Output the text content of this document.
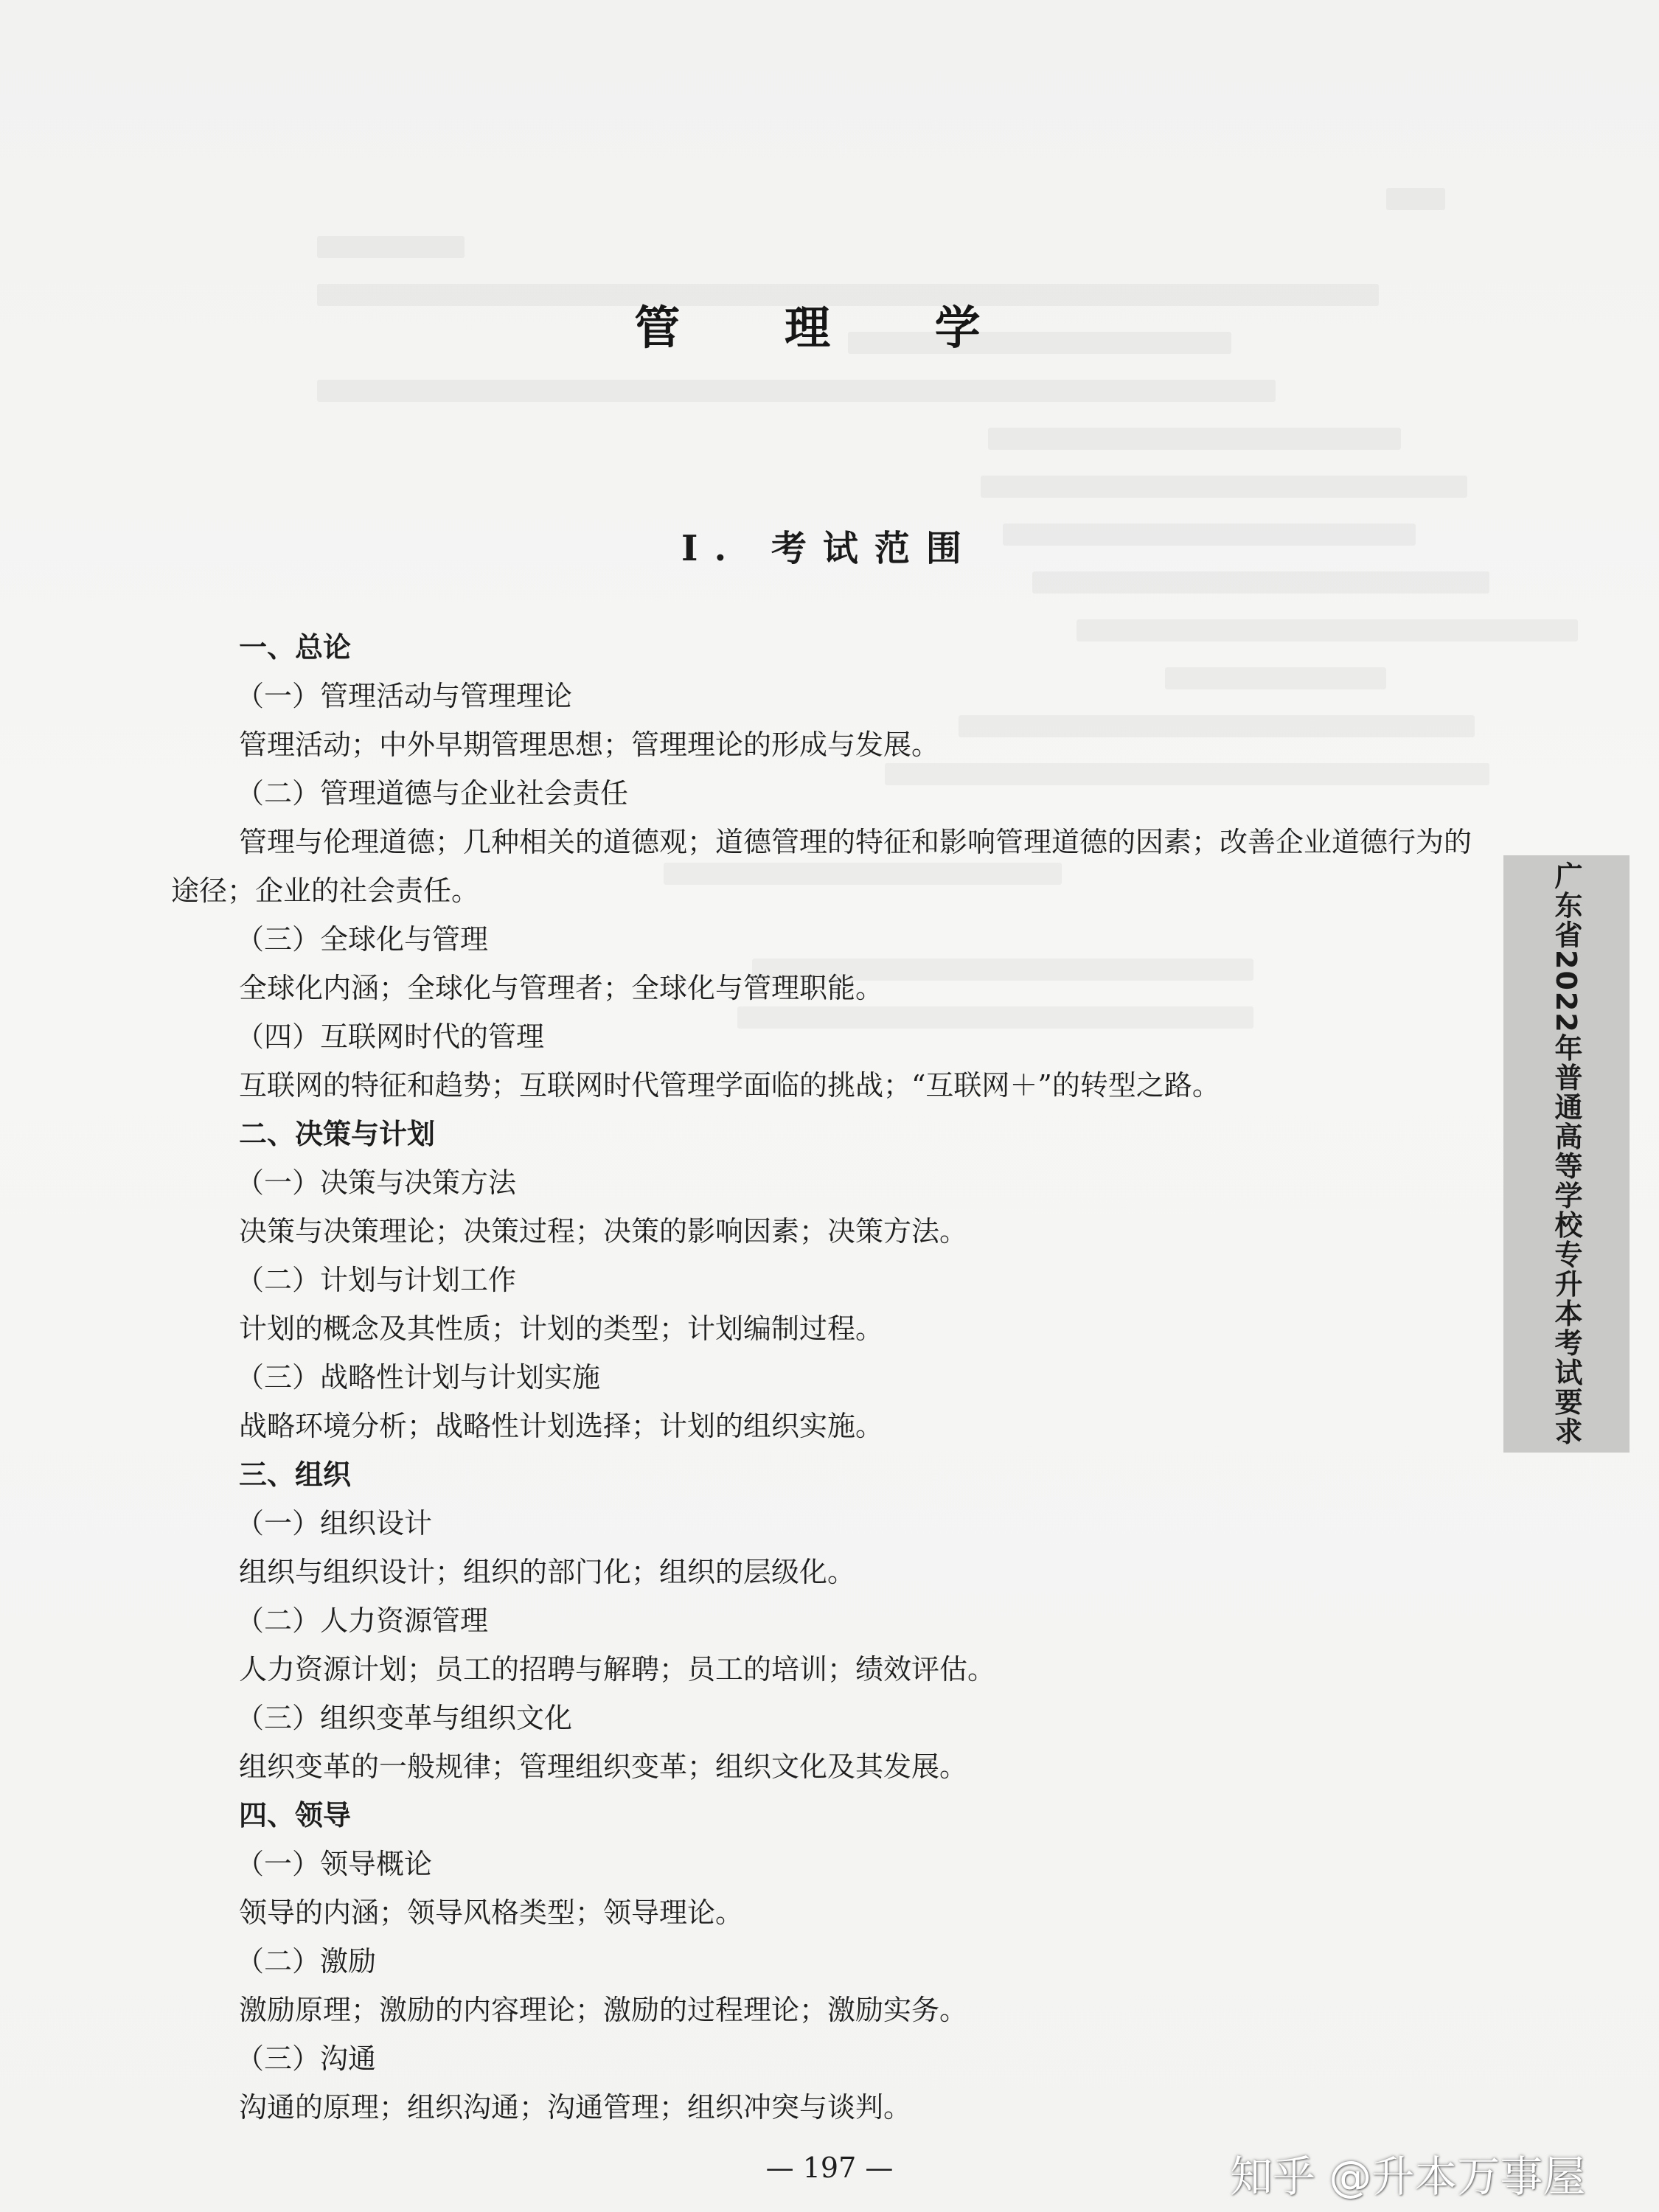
管 理 学
Ⅰ. 考试范围
一、总论
（一）管理活动与管理理论
管理活动；中外早期管理思想；管理理论的形成与发展。
（二）管理道德与企业社会责任
管理与伦理道德；几种相关的道德观；道德管理的特征和影响管理道德的因素；改善企业道德行为的途径；企业的社会责任。
（三）全球化与管理
全球化内涵；全球化与管理者；全球化与管理职能。
（四）互联网时代的管理
互联网的特征和趋势；互联网时代管理学面临的挑战；“互联网＋”的转型之路。
二、决策与计划
（一）决策与决策方法
决策与决策理论；决策过程；决策的影响因素；决策方法。
（二）计划与计划工作
计划的概念及其性质；计划的类型；计划编制过程。
（三）战略性计划与计划实施
战略环境分析；战略性计划选择；计划的组织实施。
三、组织
（一）组织设计
组织与组织设计；组织的部门化；组织的层级化。
（二）人力资源管理
人力资源计划；员工的招聘与解聘；员工的培训；绩效评估。
（三）组织变革与组织文化
组织变革的一般规律；管理组织变革；组织文化及其发展。
四、领导
（一）领导概论
领导的内涵；领导风格类型；领导理论。
（二）激励
激励原理；激励的内容理论；激励的过程理论；激励实务。
（三）沟通
沟通的原理；组织沟通；沟通管理；组织冲突与谈判。
广东省2022年普通高等学校专升本考试要求
— 197 —	知乎 @升本万事屋
